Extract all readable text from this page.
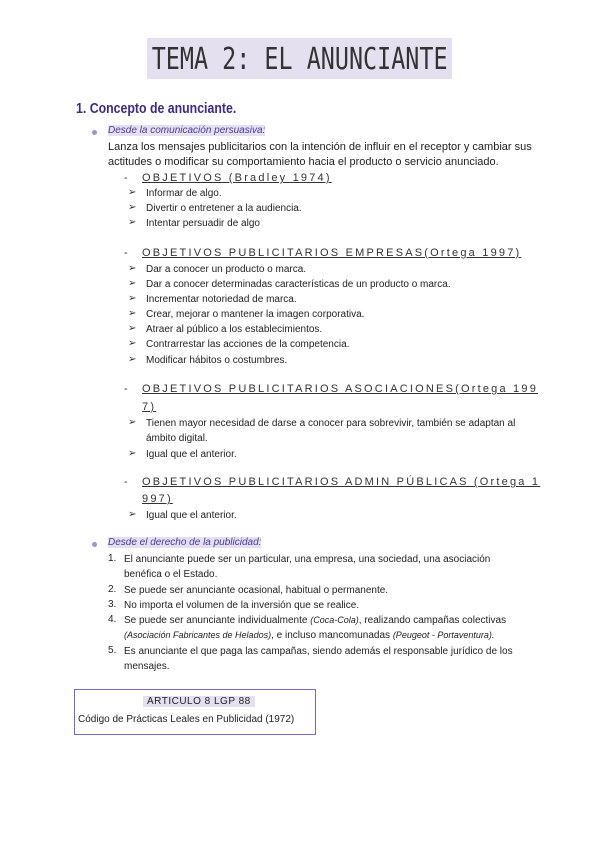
TEMA 2: EL ANUNCIANTE
1. Concepto de anunciante.
Desde la comunicación persuasiva:
Lanza los mensajes publicitarios con la intención de influir en el receptor y cambiar sus
actitudes o modificar su comportamiento hacia el producto o servicio anunciado.
- OBJETIVOS (Bradley 1974)
➢ Informar de algo.
➢ Divertir o entretener a la audiencia.
➢ Intentar persuadir de algo
- OBJETIVOS PUBLICITARIOS EMPRESAS(Ortega 1997)
➢ Dar a conocer un producto o marca.
➢ Dar a conocer determinadas características de un producto o marca.
➢ Incrementar notoriedad de marca.
➢ Crear, mejorar o mantener la imagen corporativa.
➢ Atraer al público a los establecimientos.
➢ Contrarrestar las acciones de la competencia.
➢ Modificar hábitos o costumbres.
- OBJETIVOS PUBLICITARIOS ASOCIACIONES(Ortega 199
7)
➢ Tienen mayor necesidad de darse a conocer para sobrevivir, también se adaptan al
ámbito digital.
➢ Igual que el anterior.
- OBJETIVOS PUBLICITARIOS ADMIN PÚBLICAS (Ortega 1
997)
➢ Igual que el anterior.
Desde el derecho de la publicidad:
1. El anunciante puede ser un particular, una empresa, una sociedad, una asociación
benéfica o el Estado.
2. Se puede ser anunciante ocasional, habitual o permanente.
3. No importa el volumen de la inversión que se realice.
4. Se puede ser anunciante individualmente (Coca-Cola), realizando campañas colectivas
(Asociación Fabricantes de Helados), e incluso mancomunadas (Peugeot - Portaventura).
5. Es anunciante el que paga las campañas, siendo además el responsable jurídico de los
mensajes.
ARTICULO 8 LGP 88
Código de Prácticas Leales en Publicidad (1972)
